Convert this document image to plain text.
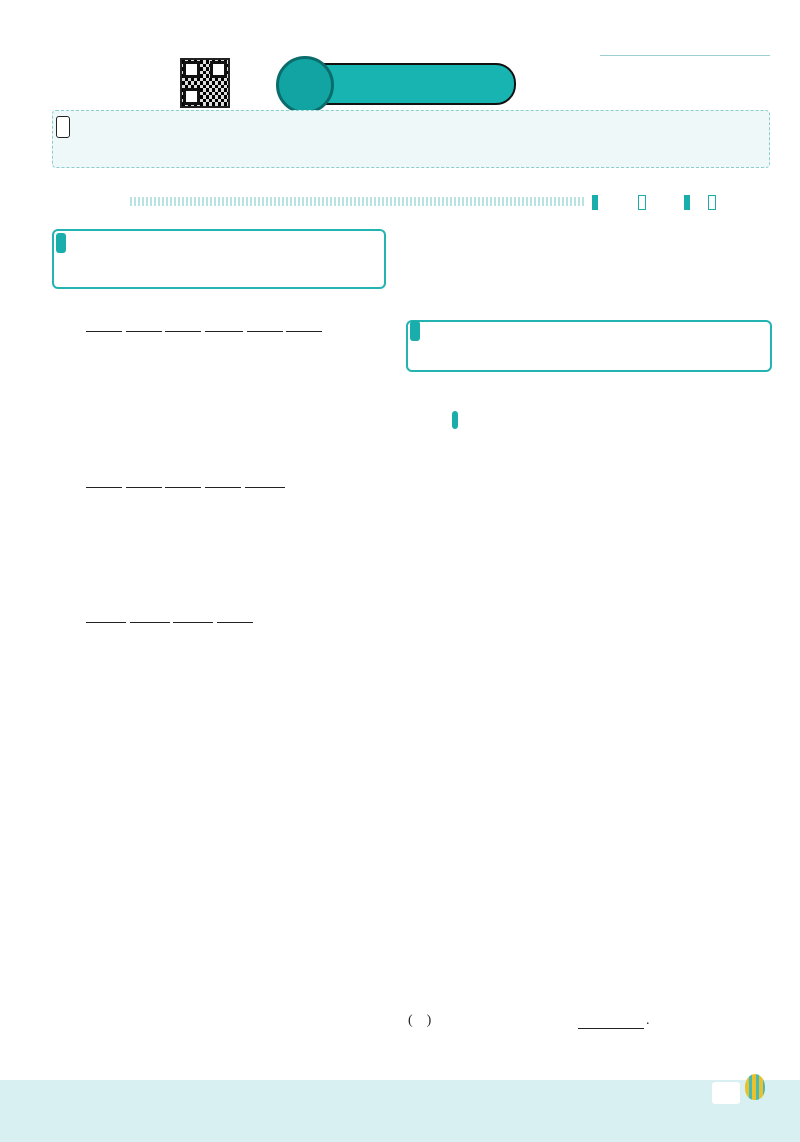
(    )	.
